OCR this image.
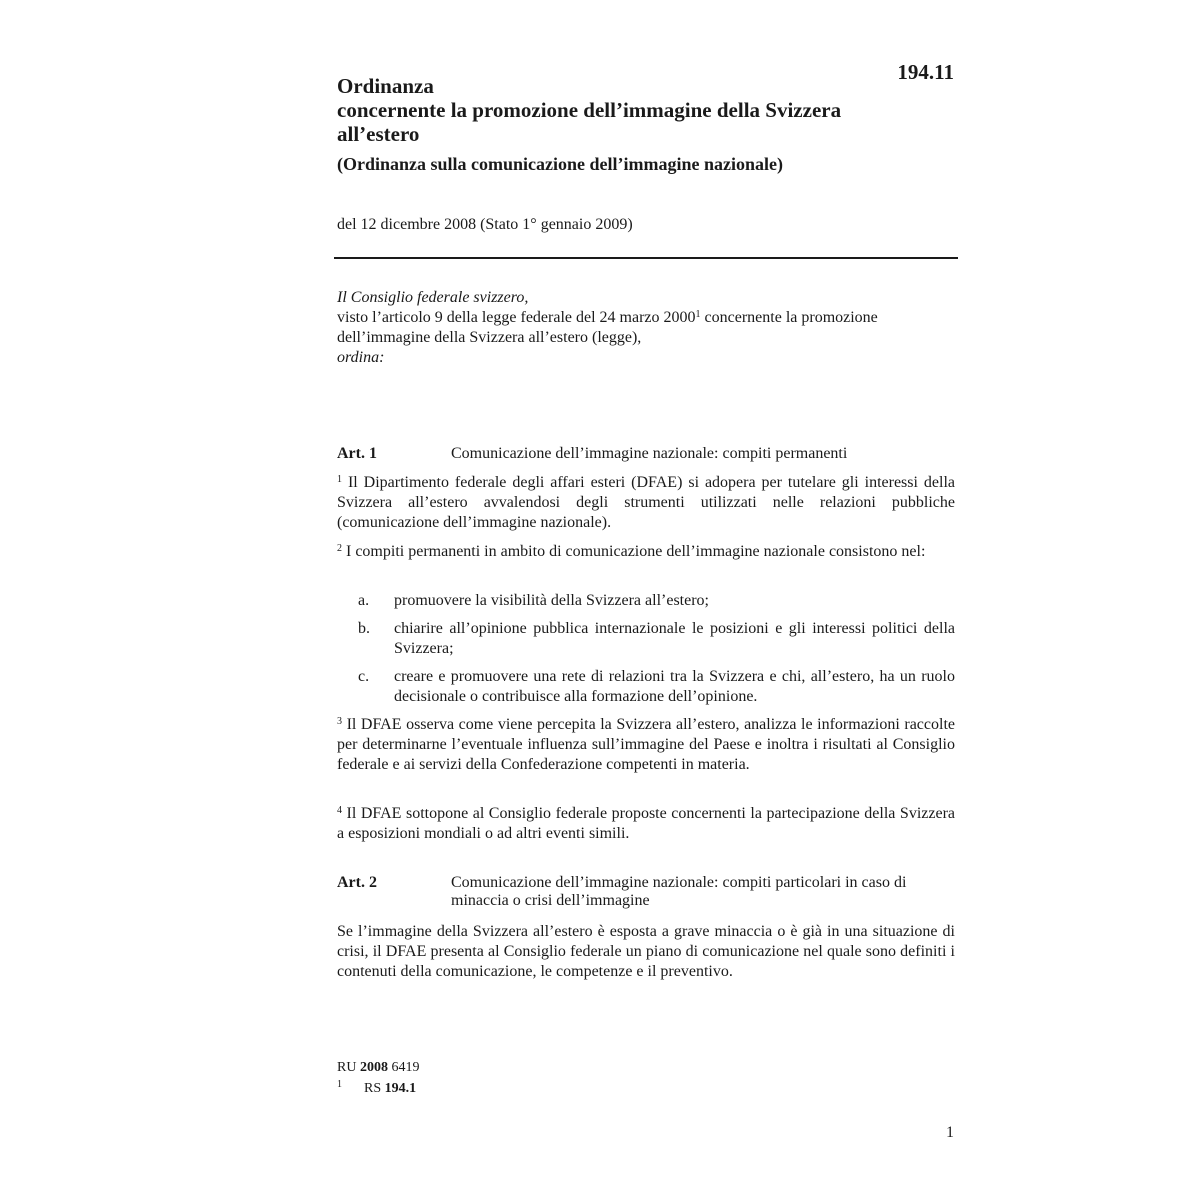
194.11
Ordinanza
concernente la promozione dell’immagine della Svizzera
all’estero
(Ordinanza sulla comunicazione dell’immagine nazionale)
del 12 dicembre 2008 (Stato 1° gennaio 2009)

Il Consiglio federale svizzero,

visto l’articolo 9 della legge federale del 24 marzo 2000$^1$ concernente la promozione dell’immagine della Svizzera all’estero (legge),

ordina:

Art. 1	Comunicazione dell’immagine nazionale: compiti permanenti

$^1$ Il Dipartimento federale degli affari esteri (DFAE) si adopera per tutelare gli interessi della Svizzera all’estero avvalendosi degli strumenti utilizzati nelle relazioni pubbliche (comunicazione dell’immagine nazionale).

$^2$ I compiti permanenti in ambito di comunicazione dell’immagine nazionale consistono nel:

a.	promuovere la visibilità della Svizzera all’estero;
b.	chiarire all’opinione pubblica internazionale le posizioni e gli interessi politici della Svizzera;
c.	creare e promuovere una rete di relazioni tra la Svizzera e chi, all’estero, ha un ruolo decisionale o contribuisce alla formazione dell’opinione.

$^3$ Il DFAE osserva come viene percepita la Svizzera all’estero, analizza le informazioni raccolte per determinarne l’eventuale influenza sull’immagine del Paese e inoltra i risultati al Consiglio federale e ai servizi della Confederazione competenti in materia.

$^4$ Il DFAE sottopone al Consiglio federale proposte concernenti la partecipazione della Svizzera a esposizioni mondiali o ad altri eventi simili.

Art. 2	Comunicazione dell’immagine nazionale: compiti particolari in caso di minaccia o crisi dell’immagine

Se l’immagine della Svizzera all’estero è esposta a grave minaccia o è già in una situazione di crisi, il DFAE presenta al Consiglio federale un piano di comunicazione nel quale sono definiti i contenuti della comunicazione, le competenze e il preventivo.

RU 2008 6419
$^1$ RS 194.1
1
